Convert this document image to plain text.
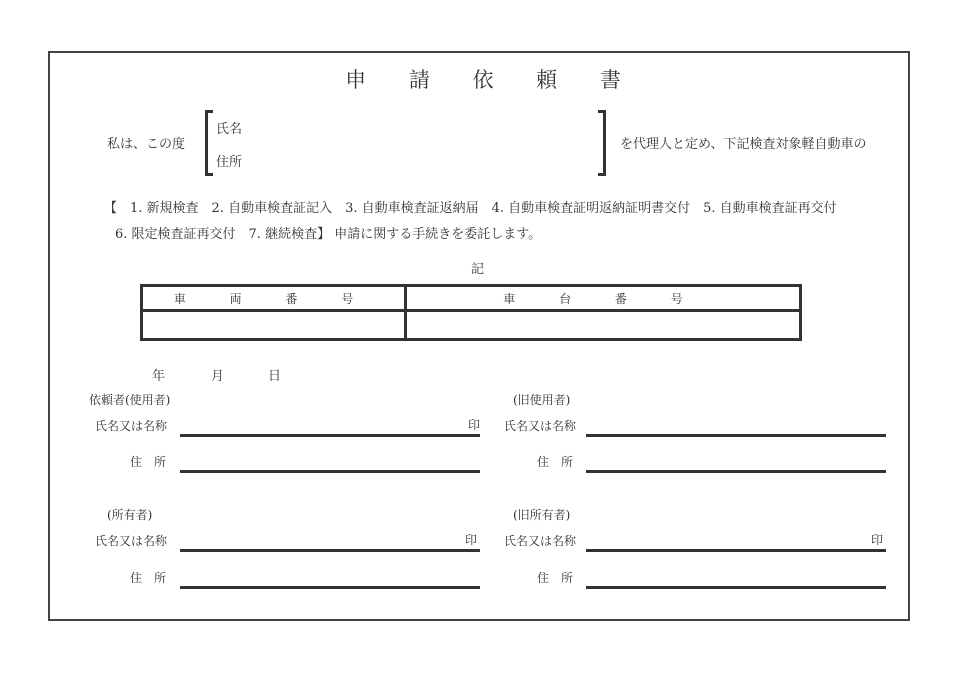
申 請 依 頼 書
私は、この度
氏名
住所
を代理人と定め、下記検査対象軽自動車の
【　1. 新規検査　2. 自動車検査証記入　3. 自動車検査証返納届　4. 自動車検査証明返納証明書交付　5. 自動車検査証再交付
6. 限定検査証再交付　7. 継続検査】 申請に関する手続きを委託します。
記
車 両 番 号	車 台 番 号

年	月	日
依頼者(使用者)
氏名又は名称	印
住　所
(旧使用者)
氏名又は名称
住　所
(所有者)
氏名又は名称	印
住　所
(旧所有者)
氏名又は名称	印
住　所
